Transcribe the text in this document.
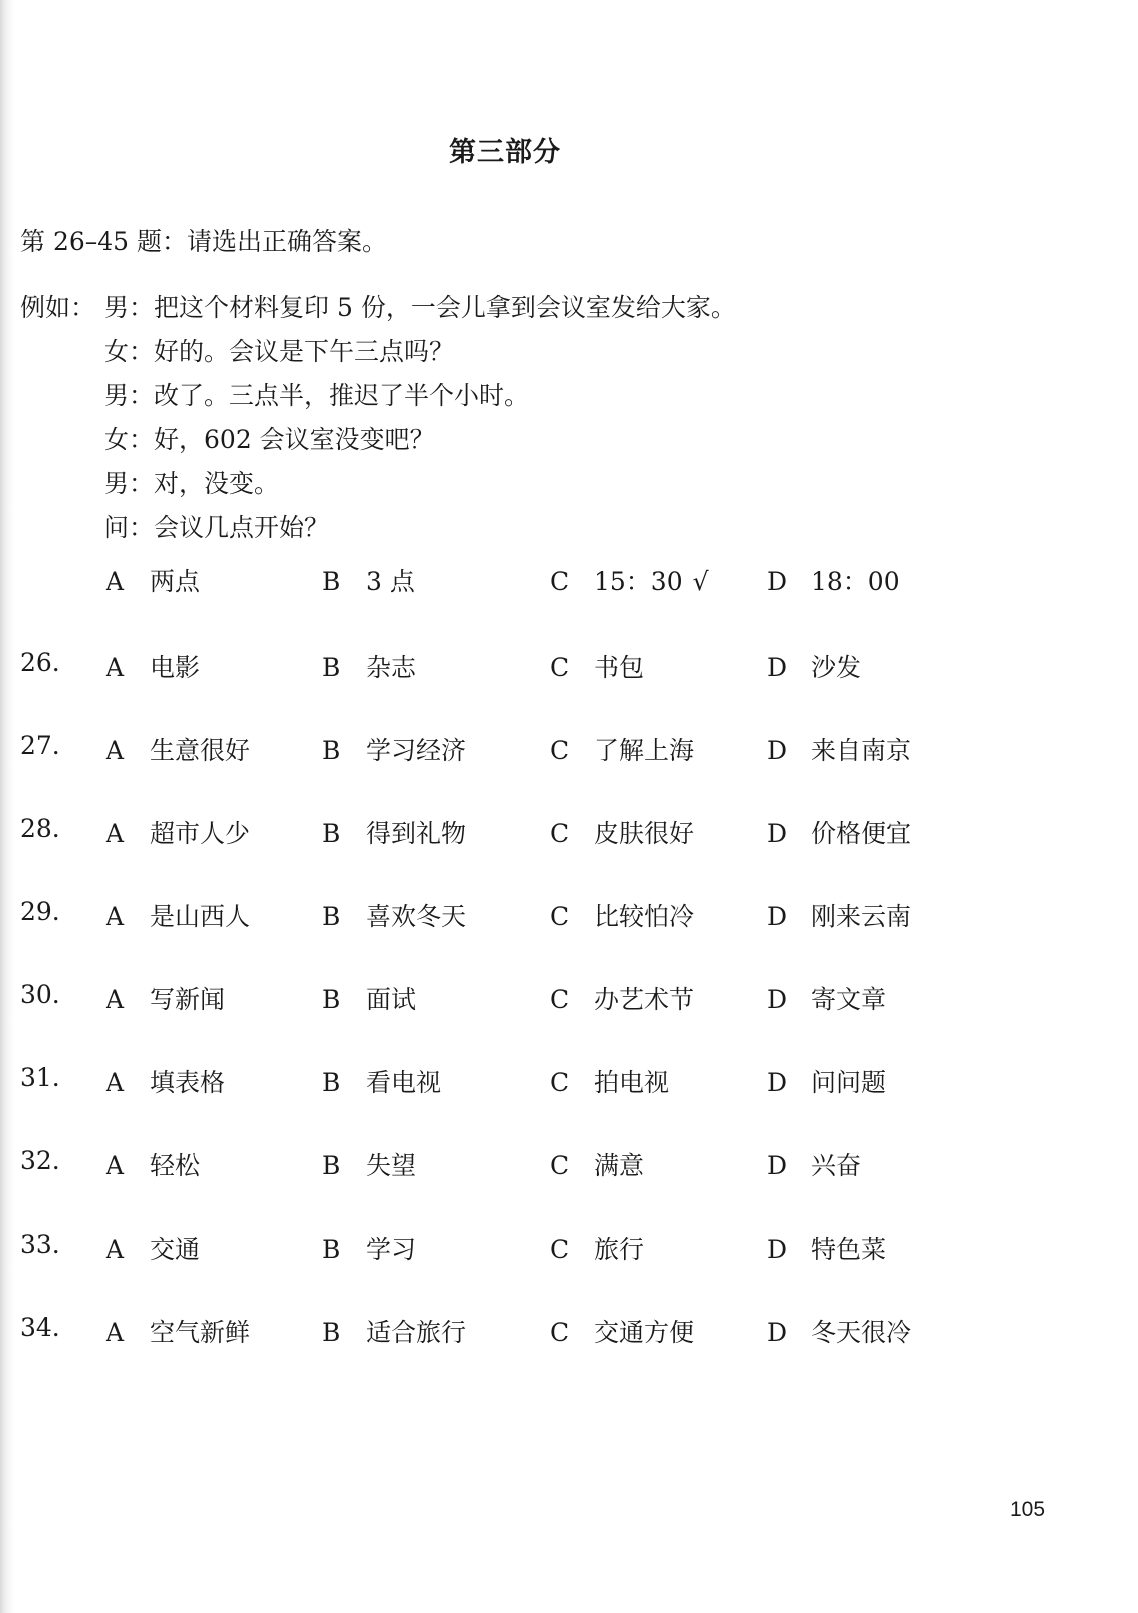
第三部分
第 26–45 题：请选出正确答案。
例如： 男：把这个材料复印 5 份，一会儿拿到会议室发给大家。
女：好的。会议是下午三点吗？
男：改了。三点半，推迟了半个小时。
女：好，602 会议室没变吧？
男：对，没变。
问：会议几点开始？
A 两点	B 3 点	C 15：30 √ D 18：00
26. A 电影	B 杂志	C 书包	D 沙发
27. A 生意很好	B 学习经济	C 了解上海	D 来自南京
28. A 超市人少	B 得到礼物	C 皮肤很好	D 价格便宜
29. A 是山西人	B 喜欢冬天	C 比较怕冷	D 刚来云南
30. A 写新闻	B 面试	C 办艺术节	D 寄文章
31. A 填表格	B 看电视	C 拍电视	D 问问题
32. A 轻松	B 失望	C 满意	D 兴奋
33. A 交通	B 学习	C 旅行	D 特色菜
34. A 空气新鲜	B 适合旅行	C 交通方便	D 冬天很冷
105
